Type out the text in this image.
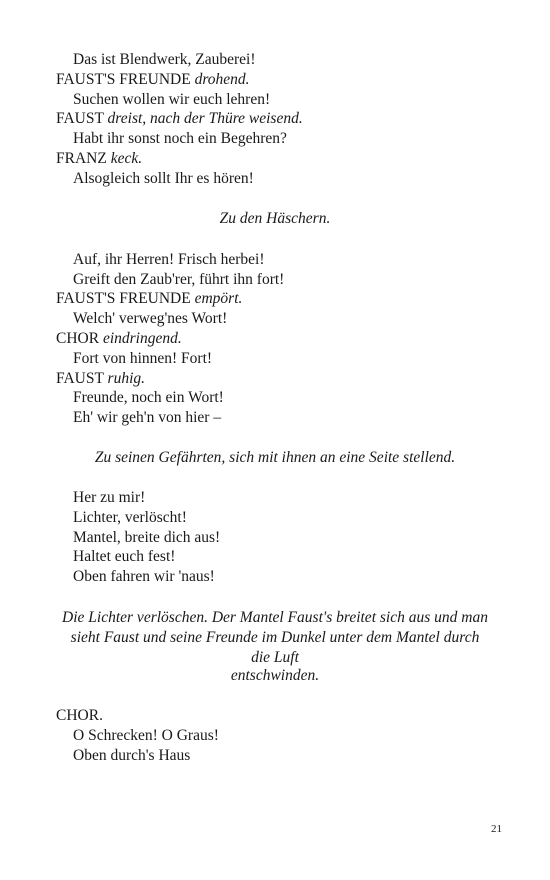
Das ist Blendwerk, Zauberei!
FAUST'S FREUNDE drohend.
Suchen wollen wir euch lehren!
FAUST dreist, nach der Thüre weisend.
Habt ihr sonst noch ein Begehren?
FRANZ keck.
Alsogleich sollt Ihr es hören!
Zu den Häschern.
Auf, ihr Herren! Frisch herbei!
Greift den Zaub'rer, führt ihn fort!
FAUST'S FREUNDE empört.
Welch' verweg'nes Wort!
CHOR eindringend.
Fort von hinnen! Fort!
FAUST ruhig.
Freunde, noch ein Wort!
Eh' wir geh'n von hier –
Zu seinen Gefährten, sich mit ihnen an eine Seite stellend.
Her zu mir!
Lichter, verlöscht!
Mantel, breite dich aus!
Haltet euch fest!
Oben fahren wir 'naus!
Die Lichter verlöschen. Der Mantel Faust's breitet sich aus und man
sieht Faust und seine Freunde im Dunkel unter dem Mantel durch
die Luft
entschwinden.
CHOR.
O Schrecken! O Graus!
Oben durch's Haus
21
